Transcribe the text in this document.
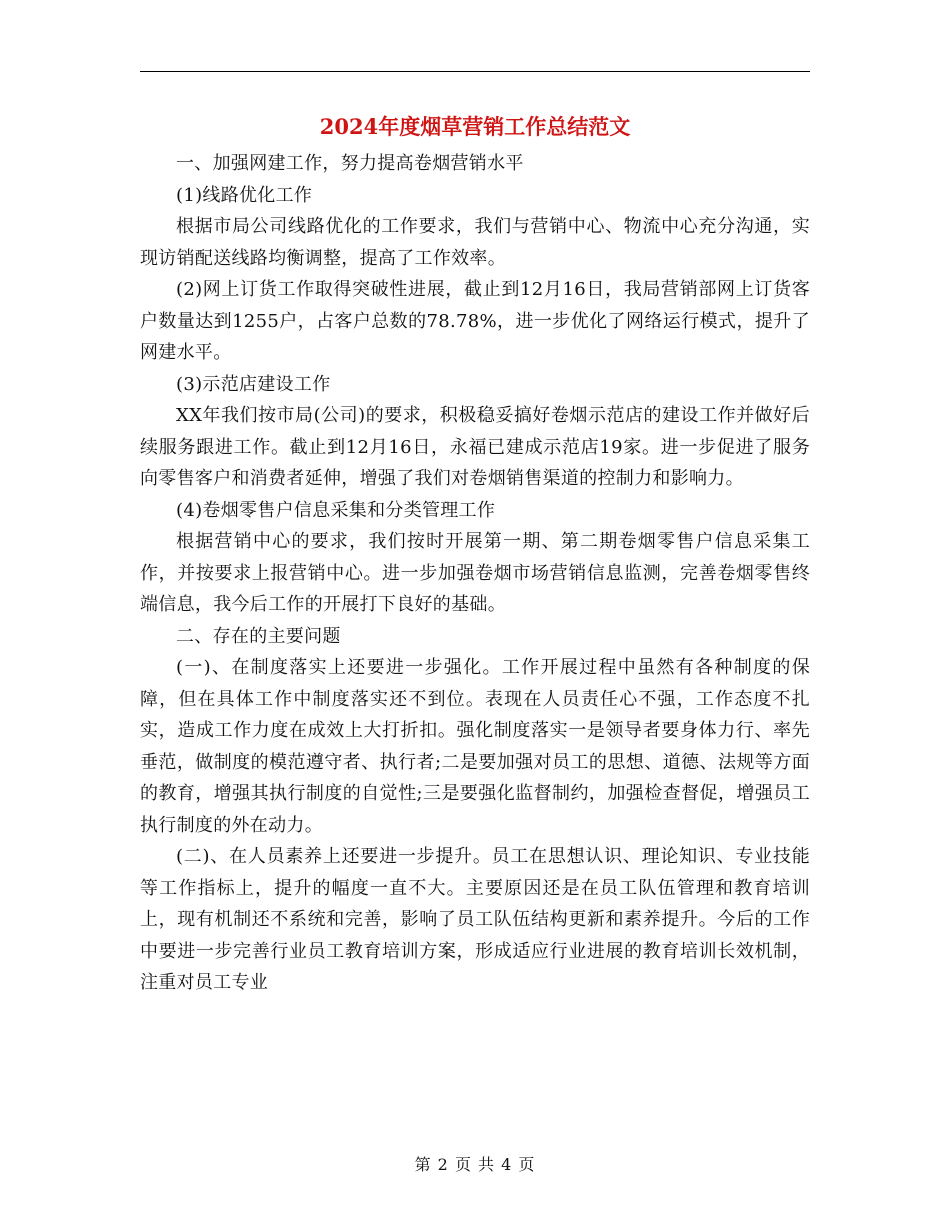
2024年度烟草营销工作总结范文

一、加强网建工作，努力提高卷烟营销水平

(1)线路优化工作

根据市局公司线路优化的工作要求，我们与营销中心、物流中心充分沟通，实现访销配送线路均衡调整，提高了工作效率。

(2)网上订货工作取得突破性进展，截止到12月16日，我局营销部网上订货客户数量达到1255户，占客户总数的78.78%，进一步优化了网络运行模式，提升了网建水平。

(3)示范店建设工作

XX年我们按市局(公司)的要求，积极稳妥搞好卷烟示范店的建设工作并做好后续服务跟进工作。截止到12月16日，永福已建成示范店19家。进一步促进了服务向零售客户和消费者延伸，增强了我们对卷烟销售渠道的控制力和影响力。

(4)卷烟零售户信息采集和分类管理工作

根据营销中心的要求，我们按时开展第一期、第二期卷烟零售户信息采集工作，并按要求上报营销中心。进一步加强卷烟市场营销信息监测，完善卷烟零售终端信息，我今后工作的开展打下良好的基础。

二、存在的主要问题

(一)、在制度落实上还要进一步强化。工作开展过程中虽然有各种制度的保障，但在具体工作中制度落实还不到位。表现在人员责任心不强，工作态度不扎实，造成工作力度在成效上大打折扣。强化制度落实一是领导者要身体力行、率先垂范，做制度的模范遵守者、执行者;二是要加强对员工的思想、道德、法规等方面的教育，增强其执行制度的自觉性;三是要强化监督制约，加强检查督促，增强员工执行制度的外在动力。

(二)、在人员素养上还要进一步提升。员工在思想认识、理论知识、专业技能等工作指标上，提升的幅度一直不大。主要原因还是在员工队伍管理和教育培训上，现有机制还不系统和完善，影响了员工队伍结构更新和素养提升。今后的工作中要进一步完善行业员工教育培训方案，形成适应行业进展的教育培训长效机制，注重对员工专业

第 2 页 共 4 页
